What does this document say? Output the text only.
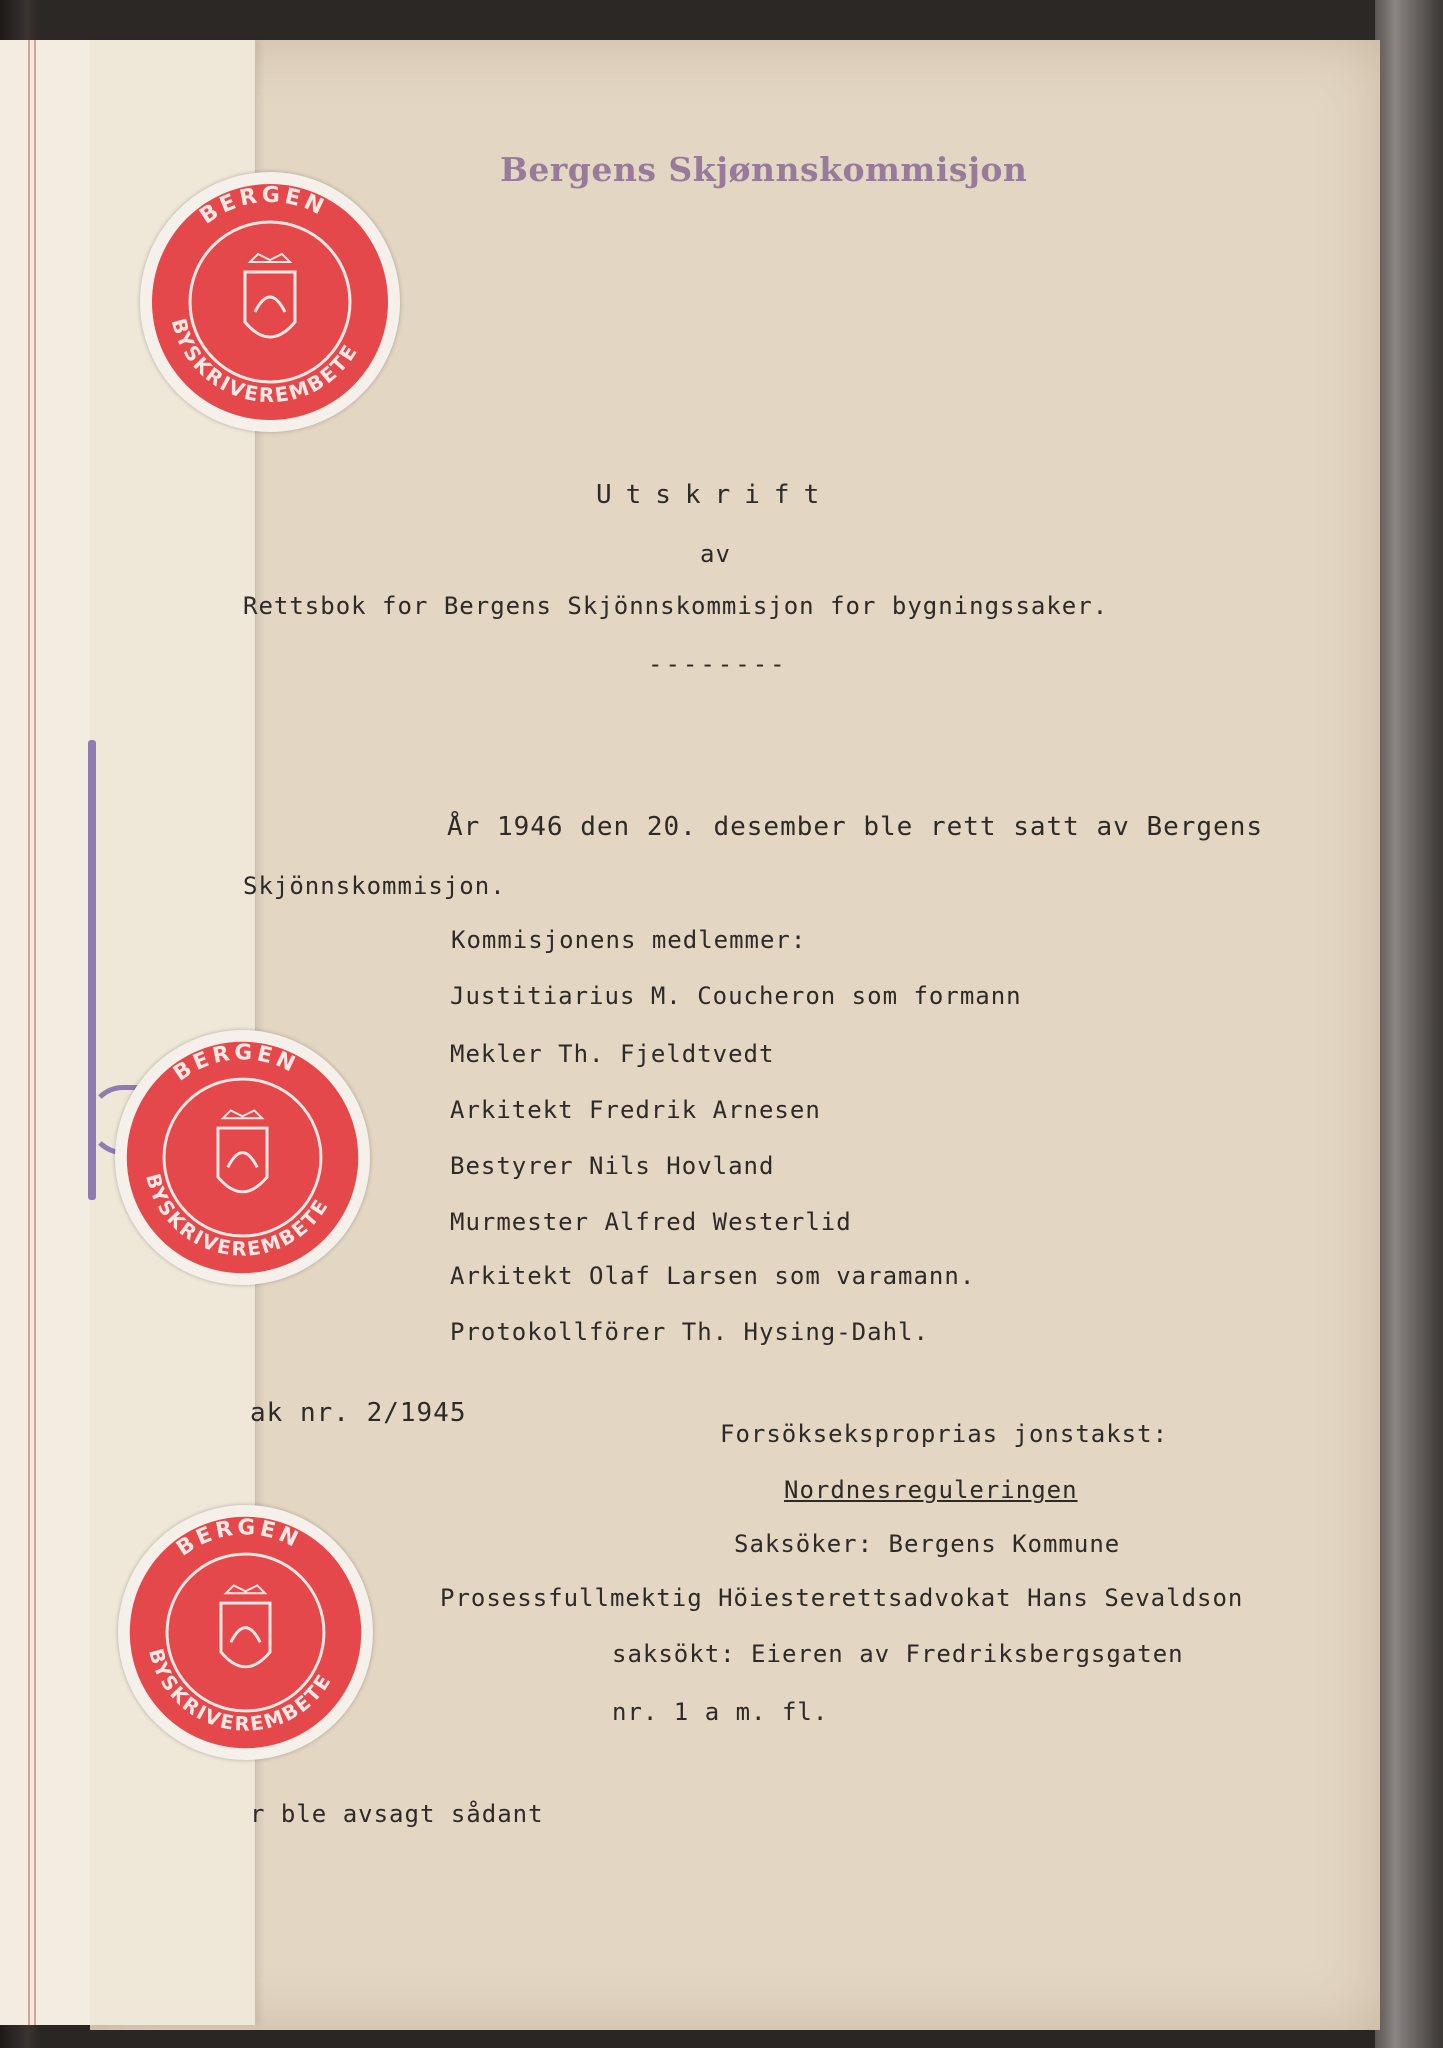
BERGEN
BYSKRIVEREMBETE
BERGEN
BYSKRIVEREMBETE
BERGEN
BYSKRIVEREMBETE
Bergens Skjønnskommisjon
Utskrift
av
Rettsbok for Bergens Skjönnskommisjon for bygningssaker.
--------
År 1946 den 20. desember ble rett satt av Bergens
Skjönnskommisjon.
Kommisjonens medlemmer:
Justitiarius M. Coucheron som formann
Mekler Th. Fjeldtvedt
Arkitekt Fredrik Arnesen
Bestyrer Nils Hovland
Murmester Alfred Westerlid
Arkitekt Olaf Larsen som varamann.
Protokollförer Th. Hysing-Dahl.
ak nr. 2/1945
Forsökseksproprias jonstakst:
Nordnesreguleringen
Saksöker: Bergens Kommune
Prosessfullmektig Höiesterettsadvokat Hans Sevaldson
saksökt: Eieren av Fredriksbergsgaten
nr. 1 a m. fl.
r ble avsagt sådant
